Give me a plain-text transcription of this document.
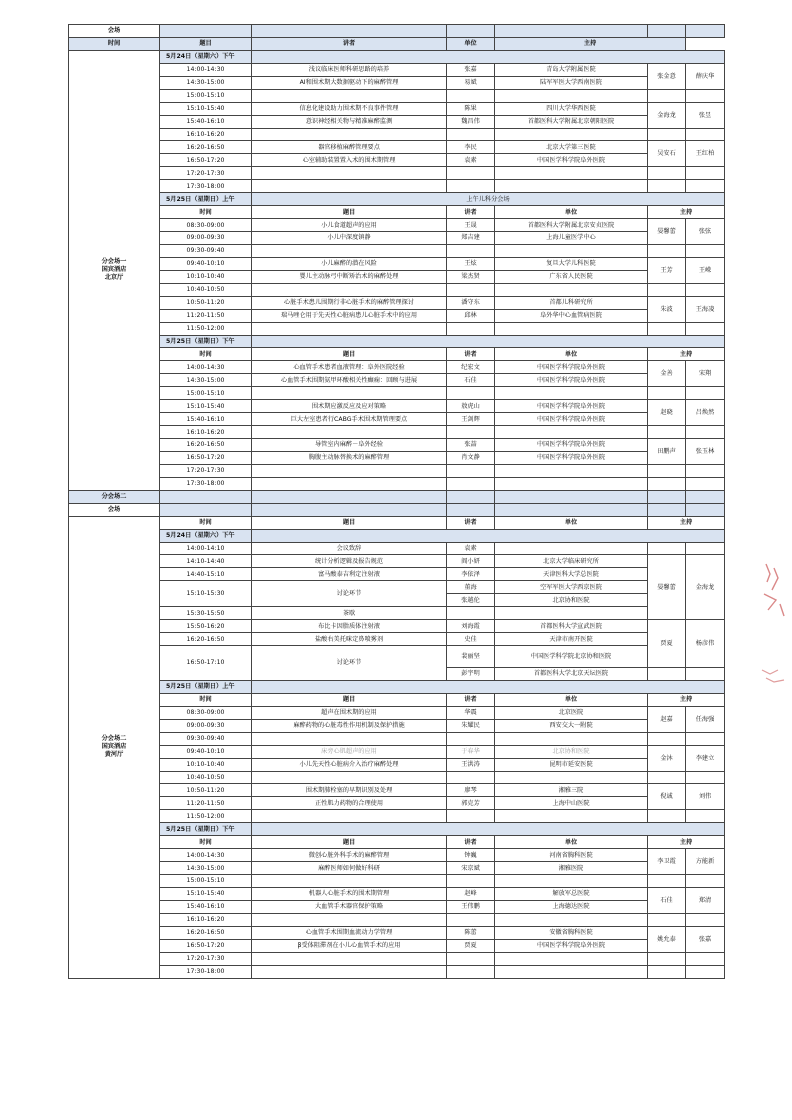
会场							
时间	题目	讲者	单位	主持			

分会场一
国宾酒店
北京厅	5月24日（星期六）下午						
	14:00-14:30	浅议临床医师科研思路的培养	张嘉	青岛大学附属医院	张金意	薛庆华	
	14:30-15:00	AI和围术期大数据驱动下的麻醉管理	易斌	陆军军医大学西南医院			
	15:00-15:10						
	15:10-15:40	信息化建设助力围术期不良事件管理	陈果	四川大学华西医院	金海龙	张昱	
	15:40-16:10	意识神经相关物与精准麻醉监测	魏昌伟	首都医科大学附属北京朝阳医院			
	16:10-16:20						
	16:20-16:50	器官移植麻醉管理要点	李民	北京大学第三医院	吴安石	王红柏	
	16:50-17:20	心室辅助装置置入术的围术期管理	袁素	中国医学科学院阜外医院			
	17:20-17:30						
	17:30-18:00						
	5月25日（星期日）上午	上午儿科分会场					
	时间	题目	讲者	单位	主持		
	08:30-09:00	小儿食道超声的应用	王晟	首都医科大学附属北京安贞医院	晏馨蕾	张弦	
	09:00-09:30	小儿中深度镇静	郑吉建	上海儿童医学中心			
	09:30-09:40						
	09:40-10:10	小儿麻醉的潜在风险	王炫	复旦大学儿科医院	王芳	王嵘	
	10:10-10:40	婴儿主动脉弓中断矫治术的麻醉处理	梁杰贤	广东省人民医院			
	10:40-10:50						
	10:50-11:20	心脏手术患儿围期行非心脏手术的麻醉管理探讨	潘守东	首都儿科研究所	朱波	王海凌	
	11:20-11:50	瑞马唑仑用于先天性心脏病患儿心脏手术中的应用	邱林	阜外华中心血管病医院			
	11:50-12:00						
	5月25日（星期日）下午						
	时间	题目	讲者	单位	主持		
	14:00-14:30	心血管手术患者血液管理：阜外医院经验	纪宏文	中国医学科学院阜外医院	金善	宋翔	
	14:30-15:00	心血管手术围期氨甲环酸相关性癫痫：回顾与进展	石佳	中国医学科学院阜外医院			
	15:00-15:10						
	15:10-15:40	围术期应激反应及应对策略	敖虎山	中国医学科学院阜外医院	赵晓	吕焕然	
	15:40-16:10	巨大左室患者行CABG手术围术期管理要点	王剑辉	中国医学科学院阜外医院			
	16:10-16:20						
	16:20-16:50	导管室内麻醉－阜外经验	张喆	中国医学科学院阜外医院	田鹏声	张玉林	
	16:50-17:20	胸腹主动脉替换术的麻醉管理	肖文静	中国医学科学院阜外医院			
	17:20-17:30						
	17:30-18:00						
分会场二							
会场							

分会场二
国宾酒店
黄河厅	时间	题目	讲者	单位	主持		
	5月24日（星期六）下午						
	14:00-14:10	会议致辞	袁素				
	14:10-14:40	统计分析逻辑及报告规范	阎小妍	北京大学临床研究所	晏馨蕾	金海龙	
	14:40-15:10	富马酸泰吉利定注射液	李依泽	天津医科大学总医院			
	15:10-15:30	讨论环节	董海	空军军医大学西京医院			
			张越伦	北京协和医院			
	15:30-15:50	茶歇					
	15:50-16:20	布比卡因脂质体注射液	刘海霞	首都医科大学宣武医院	贾夏	杨彦伟	
	16:20-16:50	盐酸右美托咪定鼻喷雾剂	史佳	天津市南开医院			
	16:50-17:10	讨论环节	裴丽坚	中国医学科学院北京协和医院		
			彭宇明	首都医科大学北京天坛医院			
	5月25日（星期日）上午						
	时间	题目	讲者	单位	主持		
	08:30-09:00	超声在围术期的应用	华震	北京医院	赵嘉	任海强	
	09:00-09:30	麻醉药物的心脏毒性作用机制及保护措施	朱耀民	西安交大一附院			
	09:30-09:40						
	09:40-10:10	床旁心肌超声的应用	于春华	北京协和医院	金沐	李建立	
	10:10-10:40	小儿先天性心脏病介入治疗麻醉处理	王洪涛	昆明市延安医院			
	10:40-10:50						
	10:50-11:20	围术期肺栓塞的早期识别及处理	廖琴	湘雅三院	倪诚	刘伟	
	11:20-11:50	正性肌力药物的合理使用	郭克芳	上海中山医院			
	11:50-12:00						
	5月25日（星期日）下午						
	时间	题目	讲者	单位	主持		
	14:00-14:30	微创心脏外科手术的麻醉管理	钟巍	河南省胸科医院	李卫霞	方能新	
	14:30-15:00	麻醉医师如何做好科研	宋京斌	湘雅医院			
	15:00-15:10						
	15:10-15:40	机器人心脏手术的围术期管理	赵峰	解放军总医院	石佳	郑清	
	15:40-16:10	大血管手术器官保护策略	王伟鹏	上海德达医院			
	16:10-16:20						
	16:20-16:50	心血管手术围期血流动力学管理	陈蕾	安徽省胸科医院	姚允泰	张嘉	
	16:50-17:20	β受体阻滞剂在小儿心血管手术的应用	贾夏	中国医学科学院阜外医院			
	17:20-17:30						
	17:30-18:00						
